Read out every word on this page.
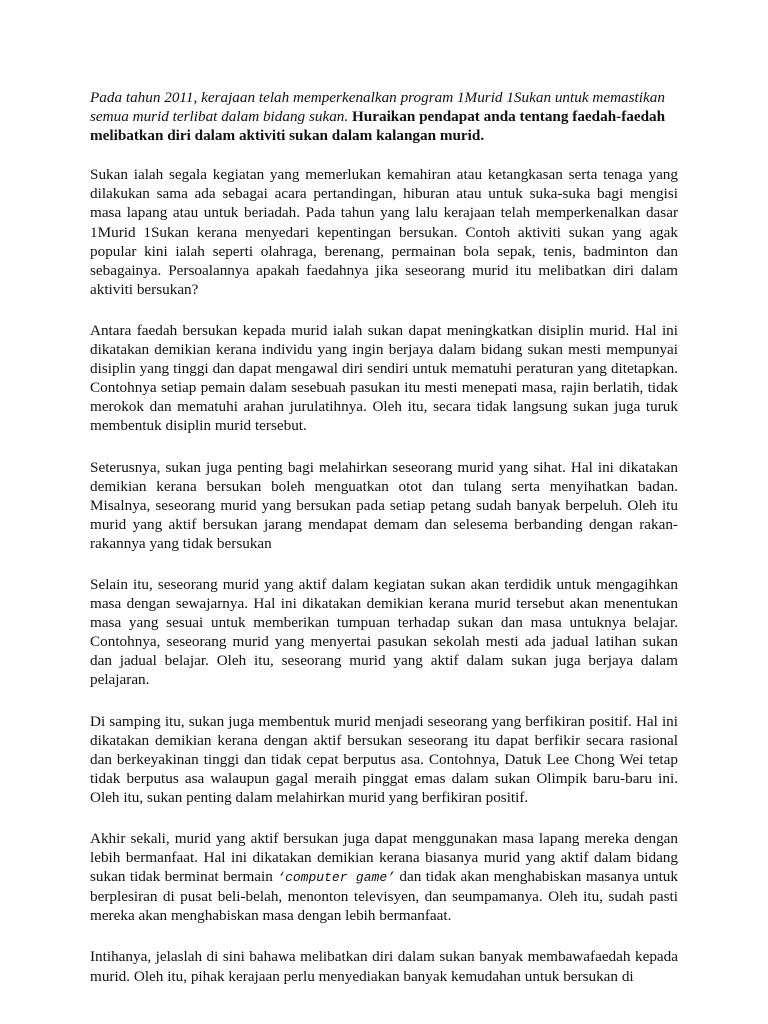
Pada tahun 2011, kerajaan telah memperkenalkan program 1Murid 1Sukan untuk memastikan semua murid terlibat dalam bidang sukan. Huraikan pendapat anda tentang faedah-faedah melibatkan diri dalam aktiviti sukan dalam kalangan murid.

Sukan ialah segala kegiatan yang memerlukan kemahiran atau ketangkasan serta tenaga yang dilakukan sama ada sebagai acara pertandingan, hiburan atau untuk suka-suka bagi mengisi masa lapang atau untuk beriadah. Pada tahun yang lalu kerajaan telah memperkenalkan dasar 1Murid 1Sukan kerana menyedari kepentingan bersukan. Contoh aktiviti sukan yang agak popular kini ialah seperti olahraga, berenang, permainan bola sepak, tenis, badminton dan sebagainya. Persoalannya apakah faedahnya jika seseorang murid itu melibatkan diri dalam aktiviti bersukan?

Antara faedah bersukan kepada murid ialah sukan dapat meningkatkan disiplin murid. Hal ini dikatakan demikian kerana individu yang ingin berjaya dalam bidang sukan mesti mempunyai disiplin yang tinggi dan dapat mengawal diri sendiri untuk mematuhi peraturan yang ditetapkan. Contohnya setiap pemain dalam sesebuah pasukan itu mesti menepati masa, rajin berlatih, tidak merokok dan mematuhi arahan jurulatihnya. Oleh itu, secara tidak langsung sukan juga turuk membentuk disiplin murid tersebut.

Seterusnya, sukan juga penting bagi melahirkan seseorang murid yang sihat. Hal ini dikatakan demikian kerana bersukan boleh menguatkan otot dan tulang serta menyihatkan badan. Misalnya, seseorang murid yang bersukan pada setiap petang sudah banyak berpeluh. Oleh itu murid yang aktif bersukan jarang mendapat demam dan selesema berbanding dengan rakan-rakannya yang tidak bersukan

Selain itu, seseorang murid yang aktif dalam kegiatan sukan akan terdidik untuk mengagihkan masa dengan sewajarnya. Hal ini dikatakan demikian kerana murid tersebut akan menentukan masa yang sesuai untuk memberikan tumpuan terhadap sukan dan masa untuknya belajar. Contohnya, seseorang murid yang menyertai pasukan sekolah mesti ada jadual latihan sukan dan jadual belajar. Oleh itu, seseorang murid yang aktif dalam sukan juga berjaya dalam pelajaran.

Di samping itu, sukan juga membentuk murid menjadi seseorang yang berfikiran positif. Hal ini dikatakan demikian kerana dengan aktif bersukan seseorang itu dapat berfikir secara rasional dan berkeyakinan tinggi dan tidak cepat berputus asa. Contohnya, Datuk Lee Chong Wei tetap tidak berputus asa walaupun gagal meraih pinggat emas dalam sukan Olimpik baru-baru ini. Oleh itu, sukan penting dalam melahirkan murid yang berfikiran positif.

Akhir sekali, murid yang aktif bersukan juga dapat menggunakan masa lapang mereka dengan lebih bermanfaat. Hal ini dikatakan demikian kerana biasanya murid yang aktif dalam bidang sukan tidak berminat bermain ‘computer game’ dan tidak akan menghabiskan masanya untuk berplesiran di pusat beli-belah, menonton televisyen, dan seumpamanya. Oleh itu, sudah pasti mereka akan menghabiskan masa dengan lebih bermanfaat.

Intihanya, jelaslah di sini bahawa melibatkan diri dalam sukan banyak membawafaedah kepada murid. Oleh itu, pihak kerajaan perlu menyediakan banyak kemudahan untuk bersukan di
